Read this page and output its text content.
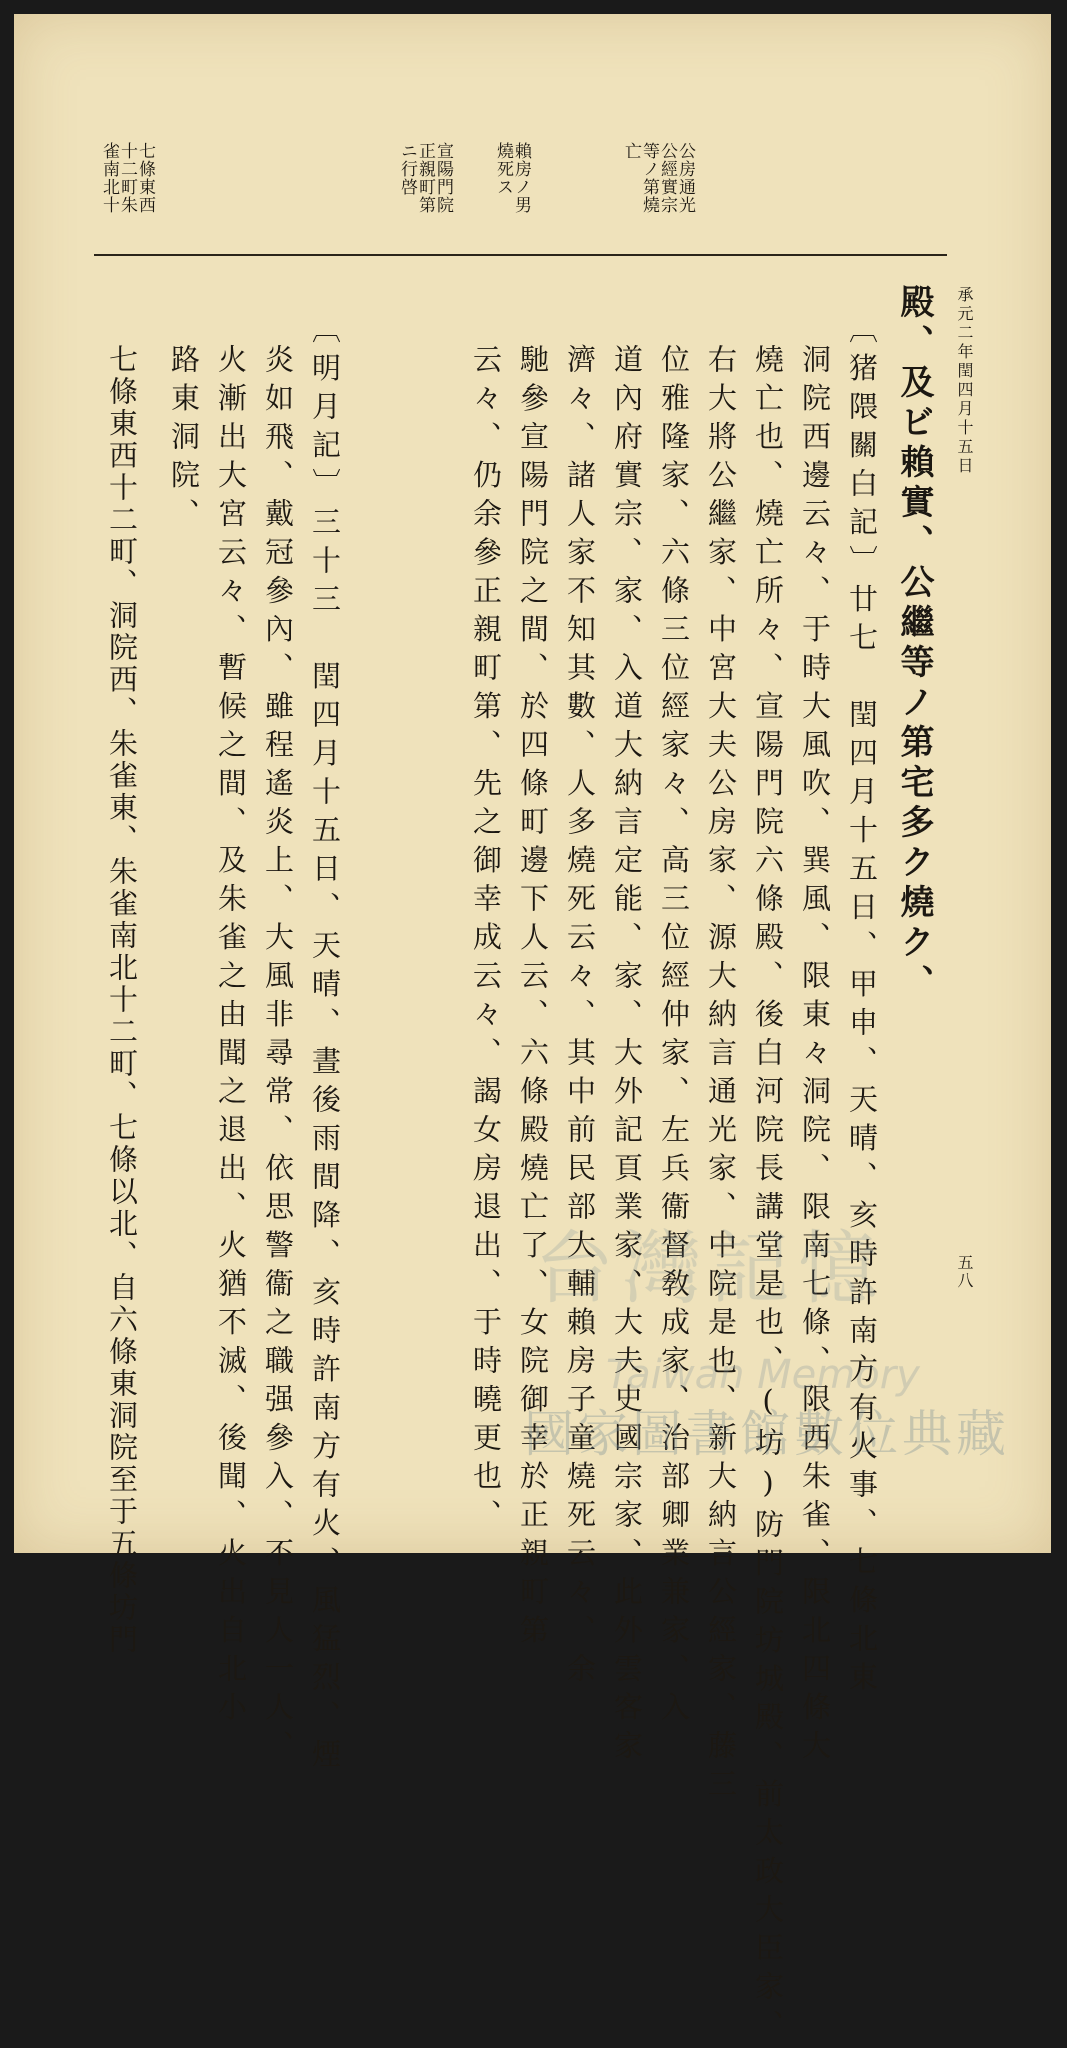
雀南北十
十二町朱
七條東西	ニ行啓
正親町第
宣陽門院 燒死ス
賴房ノ男	亡
等ノ第燒
公經實宗
公房通光
承元二年閏四月十五日
五八
殿、及ビ賴實、公繼等ノ第宅多ク燒ク、
〔猪隈關白記〕廿七　閏四月十五日、甲申、天晴、亥時許南方有火事、七條北東
洞院西邊云々、于時大風吹、巽風、限東々洞院、限南七條、限西朱雀、限北四條大
燒亡也、燒亡所々、宣陽門院六條殿、後白河院長講堂是也、(坊)防門院坊城殿、前太政大臣家、
右大將公繼家、中宮大夫公房家、源大納言通光家、中院是也、新大納言公經家、藤三
位雅隆家、六條三位經家々、高三位經仲家、左兵衞督敎成家、治部卿業兼家、入
道內府實宗、家、入道大納言定能、家、大外記頁業家、大夫史國宗家、此外雲客家
濟々、諸人家不知其數、人多燒死云々、其中前民部大輔賴房子童燒死云々、余
馳參宣陽門院之間、於四條町邊下人云、六條殿燒亡了、女院御幸於正親町第
云々、仍余參正親町第、先之御幸成云々、謁女房退出、于時曉更也、
〔明月記〕三十三　閏四月十五日、天晴、晝後雨間降、亥時許南方有火、風猛烈、煙
炎如飛、戴冠參內、雖程遙炎上、大風非尋常、依思警衞之職强參入、不見人一人、
火漸出大宮云々、暫候之間、及朱雀之由聞之退出、火猶不滅、後聞、火出自北小
路東洞院、
七條東西十二町、洞院西、朱雀東、朱雀南北十二町、七條以北、自六條東洞院至于五條坊門	台灣記憶
Taiwan Memory
國家圖書館數位典藏
